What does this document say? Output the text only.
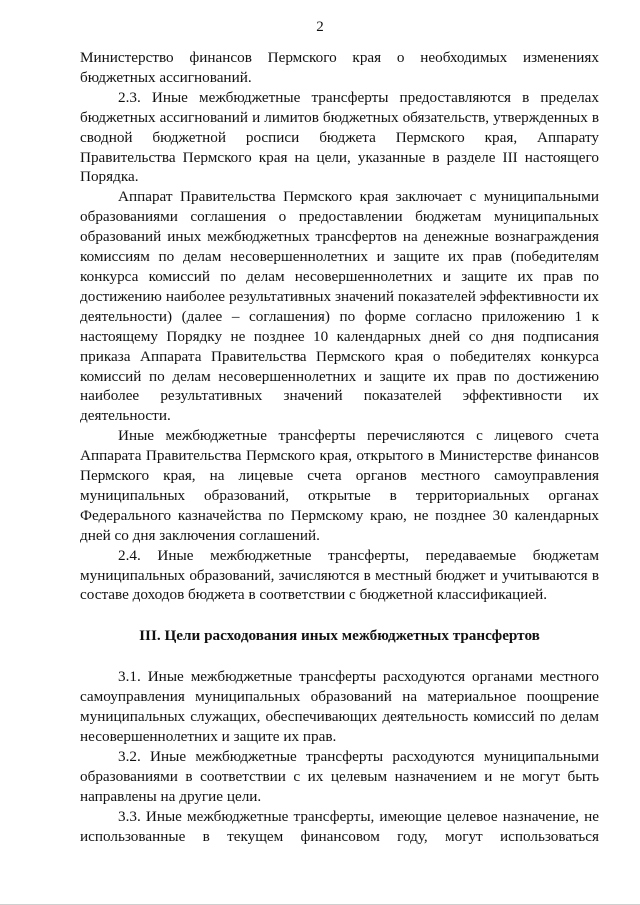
2

Министерство финансов Пермского края о необходимых изменениях бюджетных ассигнований.

2.3. Иные межбюджетные трансферты предоставляются в пределах бюджетных ассигнований и лимитов бюджетных обязательств, утвержденных в сводной бюджетной росписи бюджета Пермского края, Аппарату Правительства Пермского края на цели, указанные в разделе III настоящего Порядка.

Аппарат Правительства Пермского края заключает с муниципальными образованиями соглашения о предоставлении бюджетам муниципальных образований иных межбюджетных трансфертов на денежные вознаграждения комиссиям по делам несовершеннолетних и защите их прав (победителям конкурса комиссий по делам несовершеннолетних и защите их прав по достижению наиболее результативных значений показателей эффективности их деятельности) (далее – соглашения) по форме согласно приложению 1 к настоящему Порядку не позднее 10 календарных дней со дня подписания приказа Аппарата Правительства Пермского края о победителях конкурса комиссий по делам несовершеннолетних и защите их прав по достижению наиболее результативных значений показателей эффективности их деятельности.

Иные межбюджетные трансферты перечисляются с лицевого счета Аппарата Правительства Пермского края, открытого в Министерстве финансов Пермского края, на лицевые счета органов местного самоуправления муниципальных образований, открытые в территориальных органах Федерального казначейства по Пермскому краю, не позднее 30 календарных дней со дня заключения соглашений.

2.4. Иные межбюджетные трансферты, передаваемые бюджетам муниципальных образований, зачисляются в местный бюджет и учитываются в составе доходов бюджета в соответствии с бюджетной классификацией.

III. Цели расходования иных межбюджетных трансфертов

3.1. Иные межбюджетные трансферты расходуются органами местного самоуправления муниципальных образований на материальное поощрение муниципальных служащих, обеспечивающих деятельность комиссий по делам несовершеннолетних и защите их прав.

3.2. Иные межбюджетные трансферты расходуются муниципальными образованиями в соответствии с их целевым назначением и не могут быть направлены на другие цели.

3.3. Иные межбюджетные трансферты, имеющие целевое назначение, не использованные в текущем финансовом году, могут использоваться
